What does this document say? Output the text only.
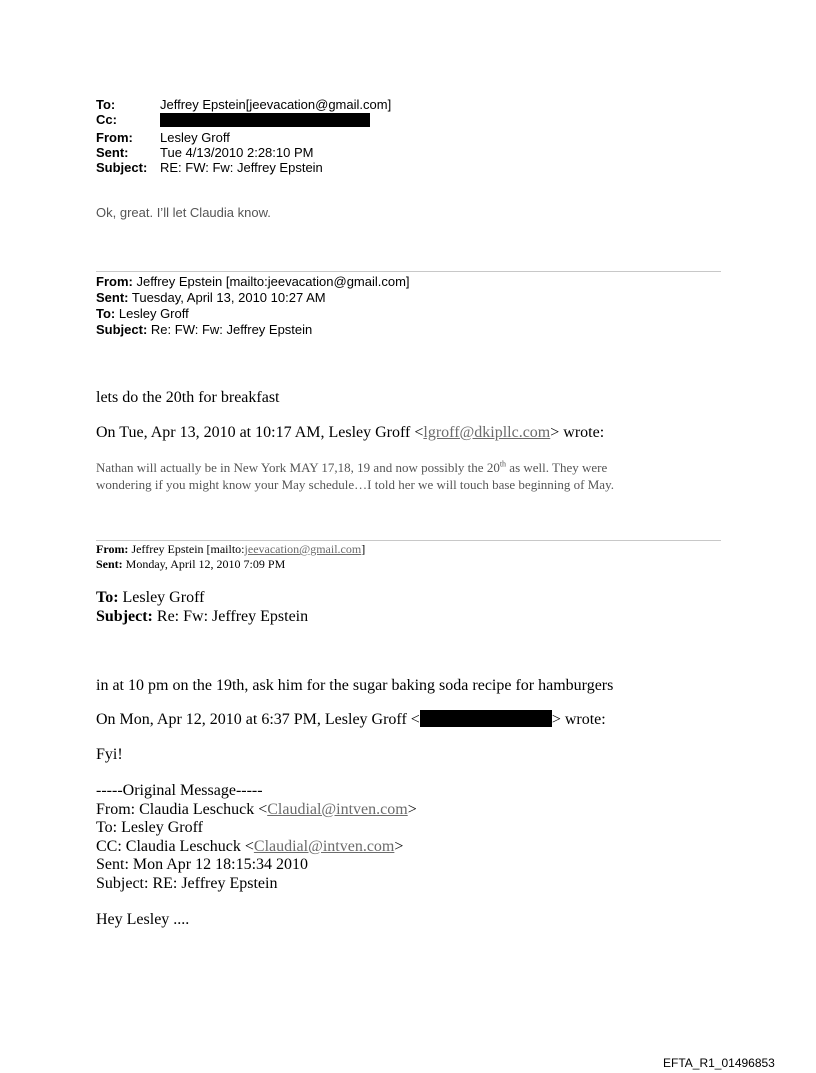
To:	Jeffrey Epstein[jeevacation@gmail.com]
Cc:	
From:	Lesley Groff
Sent:	Tue 4/13/2010 2:28:10 PM
Subject:	RE: FW: Fw: Jeffrey Epstein
Ok, great. I’ll let Claudia know.
From: Jeffrey Epstein [mailto:jeevacation@gmail.com]
Sent: Tuesday, April 13, 2010 10:27 AM
To: Lesley Groff
Subject: Re: FW: Fw: Jeffrey Epstein
lets do the 20th for breakfast
On Tue, Apr 13, 2010 at 10:17 AM, Lesley Groff <lgroff@dkipllc.com> wrote:
Nathan will actually be in New York MAY 17,18, 19 and now possibly the 20th as well. They were
wondering if you might know your May schedule…I told her we will touch base beginning of May.
From: Jeffrey Epstein [mailto:jeevacation@gmail.com]
Sent: Monday, April 12, 2010 7:09 PM
To: Lesley Groff
Subject: Re: Fw: Jeffrey Epstein
in at 10 pm on the 19th, ask him for the sugar baking soda recipe for hamburgers
On Mon, Apr 12, 2010 at 6:37 PM, Lesley Groff <	> wrote:
Fyi!
-----Original Message-----
From: Claudia Leschuck <Claudial@intven.com>
To: Lesley Groff
CC: Claudia Leschuck <Claudial@intven.com>
Sent: Mon Apr 12 18:15:34 2010
Subject: RE: Jeffrey Epstein
Hey Lesley ....
EFTA_R1_01496853
